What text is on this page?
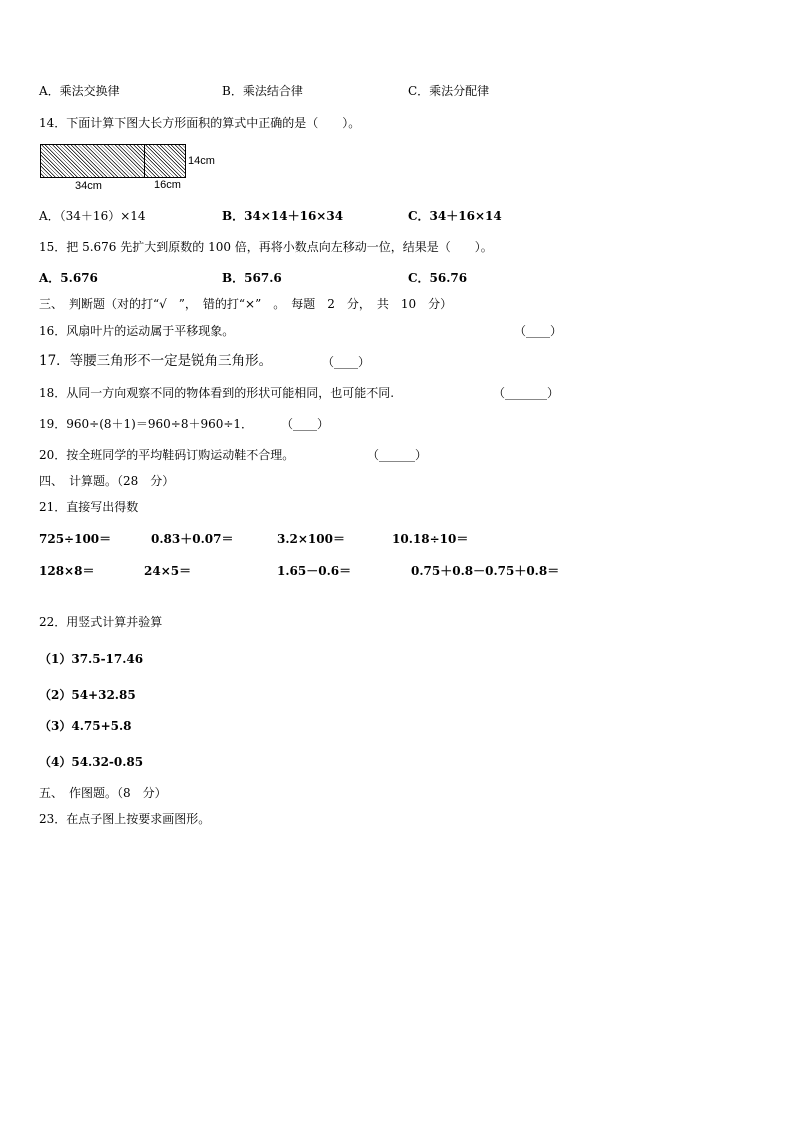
A．乘法交换律	B．乘法结合律	C．乘法分配律
14．下面计算下图大长方形面积的算式中正确的是（　　）。
14cm
34cm	16cm
A．（34＋16）×14	B．34×14＋16×34	C．34＋16×14
15．把 5.676 先扩大到原数的 100 倍，再将小数点向左移动一位，结果是（　　）。
A．5.676	B．567.6	C．56.76
三、　判断题（对的打“√　”，　错的打“×”　。　每题　2　分，　共　10　分）
16．风扇叶片的运动属于平移现象。	（____）
17．等腰三角形不一定是锐角三角形。	（____）
18．从同一方向观察不同的物体看到的形状可能相同，也可能不同.	（_______）
19．960÷(8＋1)＝960÷8＋960÷1． （____）
20．按全班同学的平均鞋码订购运动鞋不合理。	（______）
四、　计算题。（28　分）
21．直接写出得数
725÷100＝	0.83＋0.07＝	3.2×100＝	10.18÷10＝
128×8＝	24×5＝	1.65－0.6＝	0.75＋0.8－0.75＋0.8＝
22．用竖式计算并验算
（1）37.5-17.46
（2）54+32.85
（3）4.75+5.8
（4）54.32-0.85
五、　作图题。（8　分）
23．在点子图上按要求画图形。
